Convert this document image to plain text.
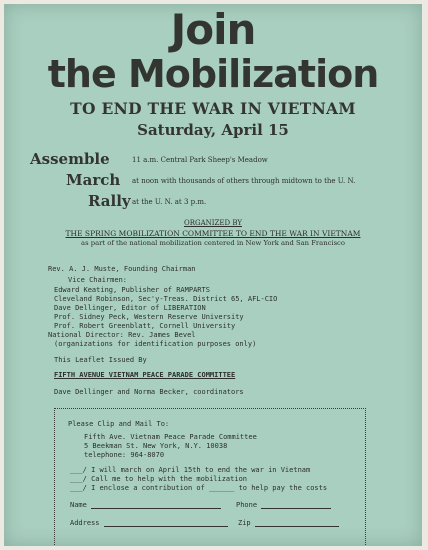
Join
the Mobilization
TO END THE WAR IN VIETNAM
Saturday, April 15
Assemble	11 a.m. Central Park Sheep's Meadow
March at noon with thousands of others through midtown to the U. N.
Rally at the U. N. at 3 p.m.
ORGANIZED BY
THE SPRING MOBILIZATION COMMITTEE TO END THE WAR IN VIETNAM
as part of the national mobilization centered in New York and San Francisco
Rev. A. J. Muste, Founding Chairman
Vice Chairmen:
Edward Keating, Publisher of RAMPARTS
Cleveland Robinson, Sec'y-Treas. District 65, AFL-CIO
Dave Dellinger, Editor of LIBERATION
Prof. Sidney Peck, Western Reserve University
Prof. Robert Greenblatt, Cornell University
National Director: Rev. James Bevel
(organizations for identification purposes only)
This Leaflet Issued By
FIFTH AVENUE VIETNAM PEACE PARADE COMMITTEE
Dave Dellinger and Norma Becker, coordinators
Please Clip and Mail To:
Fifth Ave. Vietnam Peace Parade Committee
5 Beekman St. New York, N.Y. 10038
telephone: 964-8070
___/ I will march on April 15th to end the war in Vietnam
___/ Call me to help with the mobilization
___/ I enclose a contribution of ______ to help pay the costs
Name	Phone
Address	Zip
